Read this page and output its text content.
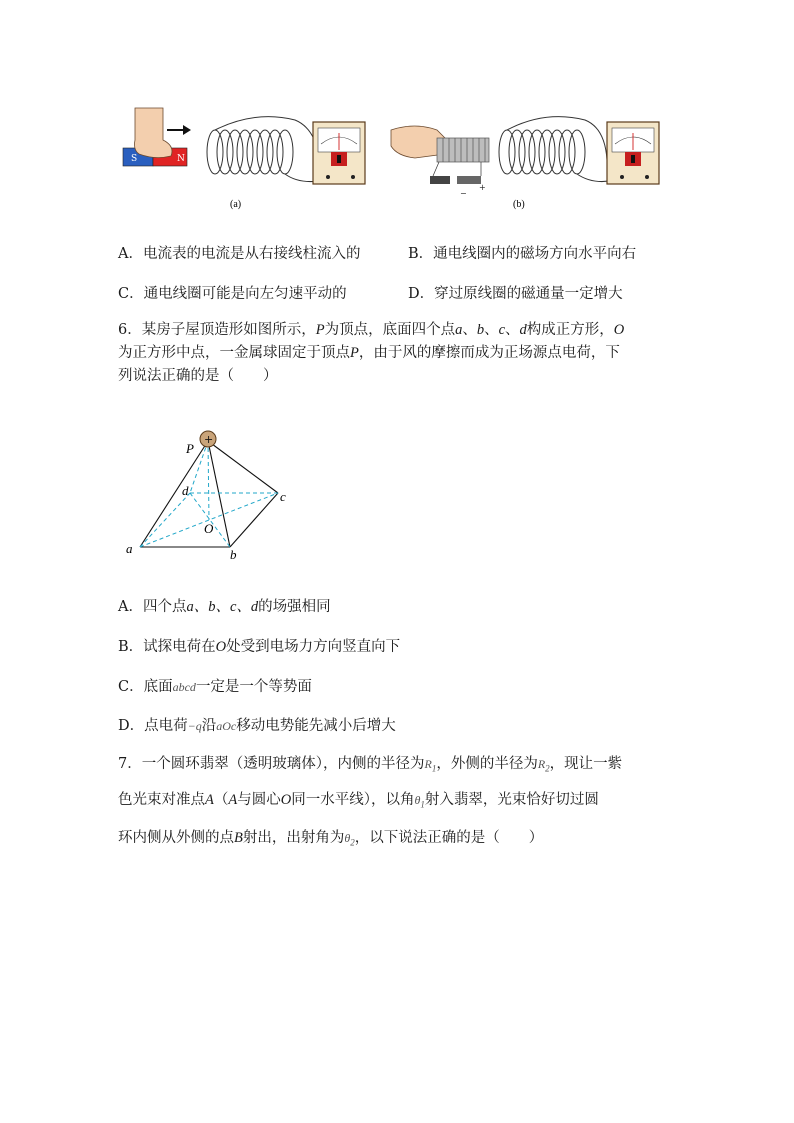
S	N
(a)
−
+
(b)
A．电流表的电流是从右接线柱流入的	B．通电线圈内的磁场方向水平向右
C．通电线圈可能是向左匀速平动的	D．穿过原线圈的磁通量一定增大
6．某房子屋顶造形如图所示，P为顶点，底面四个点a、b、c、d构成正方形，O
为正方形中点，一金属球固定于顶点P，由于风的摩擦而成为正场源点电荷，下
列说法正确的是（　　）
+
P
d	c
O
a	b
A．四个点a、b、c、d的场强相同
B．试探电荷在O处受到电场力方向竖直向下
C．底面abcd一定是一个等势面
D．点电荷−q沿aOc移动电势能先减小后增大
7．一个圆环翡翠（透明玻璃体），内侧的半径为$R_1$，外侧的半径为$R_2$，现让一紫
色光束对准点A（A与圆心O同一水平线），以角$\theta_1$射入翡翠，光束恰好切过圆
环内侧从外侧的点B射出，出射角为$\theta_2$，以下说法正确的是（　　）
